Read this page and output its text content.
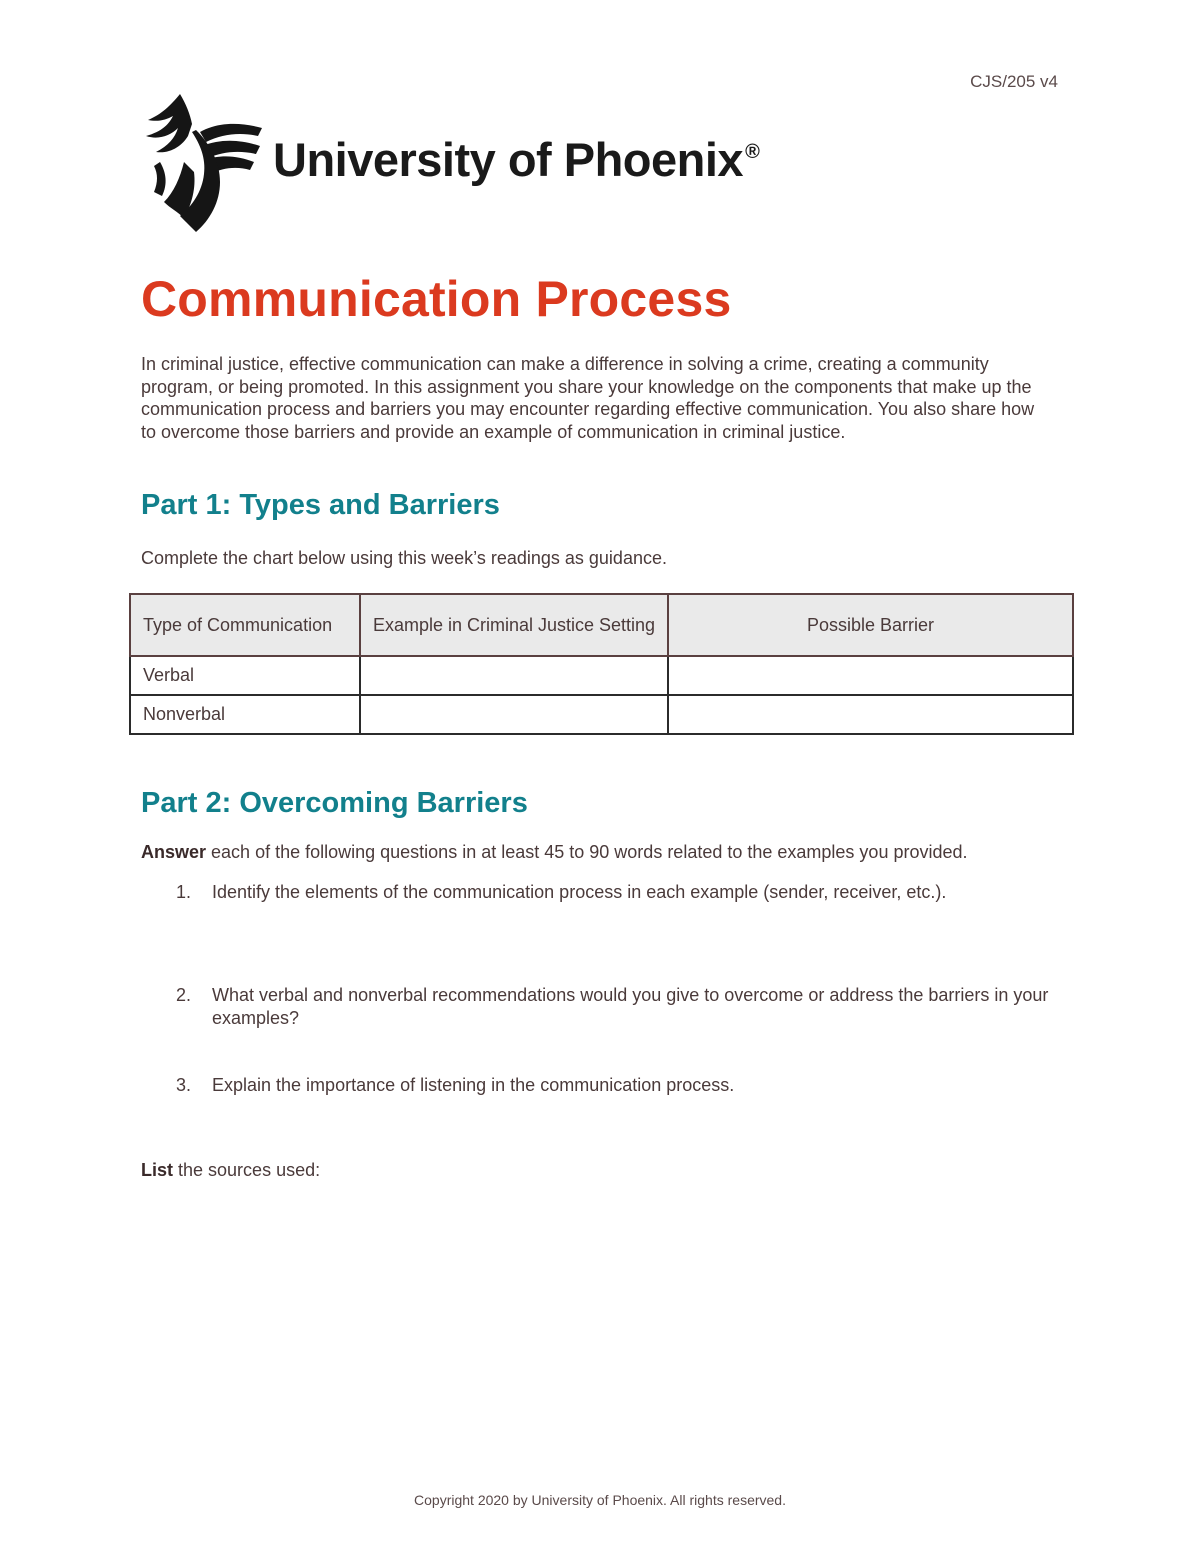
CJS/205 v4
University of Phoenix ®
Communication Process

In criminal justice, effective communication can make a difference in solving a crime, creating a community program, or being promoted. In this assignment you share your knowledge on the components that make up the communication process and barriers you may encounter regarding effective communication. You also share how to overcome those barriers and provide an example of communication in criminal justice.

Part 1: Types and Barriers

Complete the chart below using this week’s readings as guidance.

Type of Communication	Example in Criminal Justice Setting	Possible Barrier
Verbal		
Nonverbal		
Part 2: Overcoming Barriers

Answer each of the following questions in at least 45 to 90 words related to the examples you provided.

1. Identify the elements of the communication process in each example (sender, receiver, etc.).

2. What verbal and nonverbal recommendations would you give to overcome or address the barriers in your examples?

3. Explain the importance of listening in the communication process.

List the sources used:

Copyright 2020 by University of Phoenix. All rights reserved.
